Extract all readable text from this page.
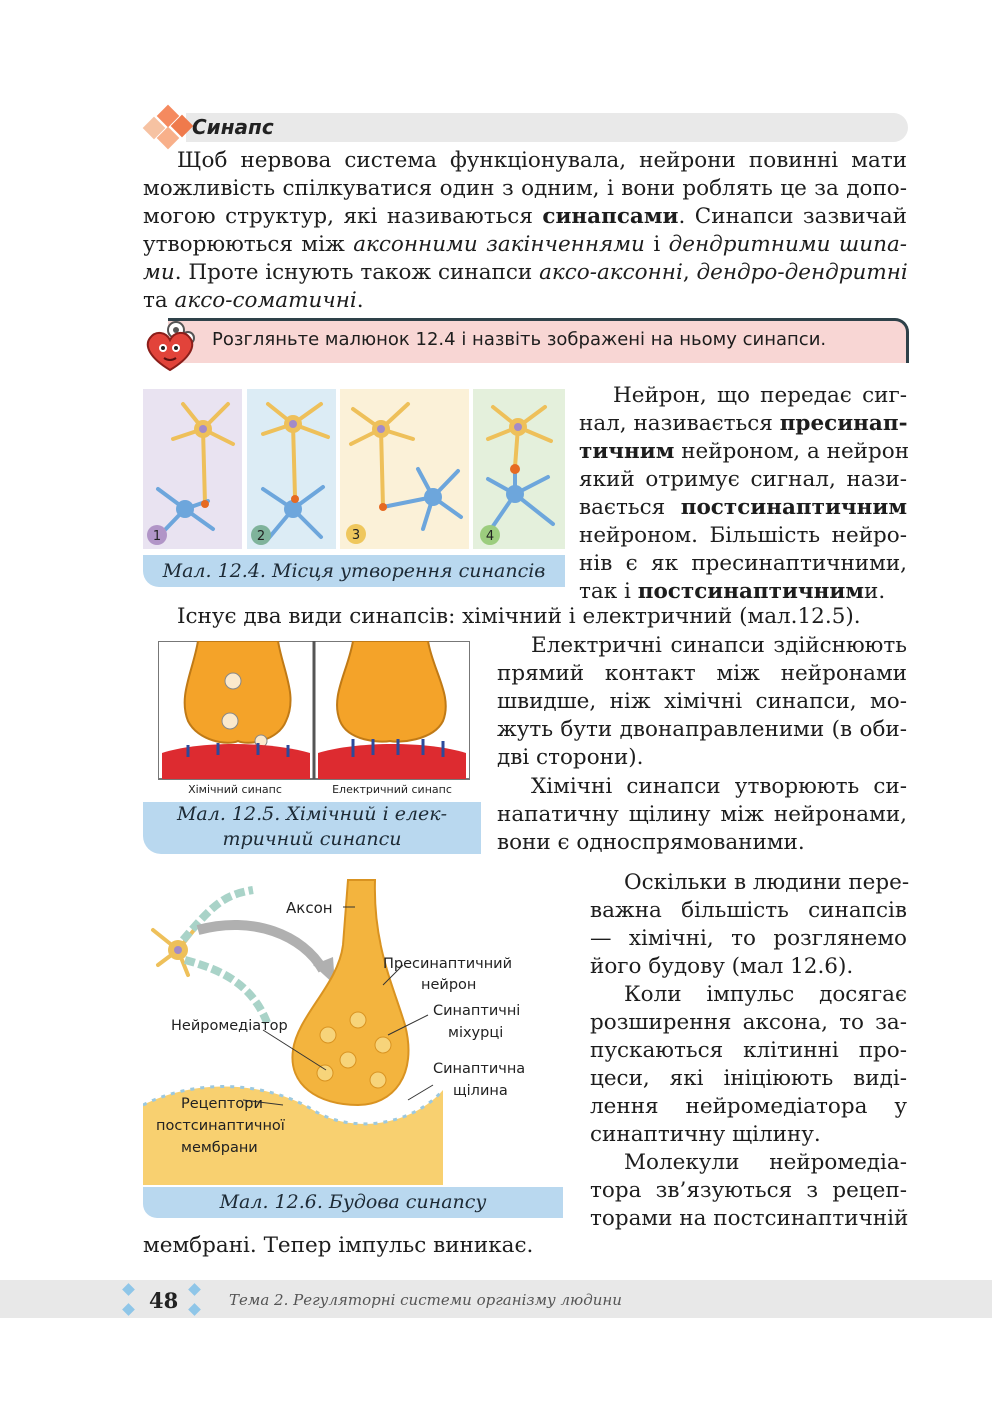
Синапс
Щоб нервова система функціонувала, нейрони повинні мати
можливість спілкуватися один з одним, і вони роблять це за допо-
могою структур, які називаються синапсами. Синапси зазвичай
утворюються між аксонними закінченнями і дендритними шипа-
ми. Проте існують також синапси аксо-аксонні, дендро-дендритні
та аксо-соматичні.
Розгляньте малюнок 12.4 і назвіть зображені на ньому синапси.
1	2	3	4
Мал. 12.4. Місця утворення синапсів
Нейрон, що передає сиг-
нал, називається пресинап-
тичним нейроном, а нейрон
який отримує сигнал, нази-
вається постсинаптичним
нейроном. Більшість нейро-
нів є як пресинаптичними,
так і постсинаптичними.
Існує два види синапсів: хімічний і електричний (мал.12.5).
Хімічний синапс	Електричний синапс
Мал. 12.5. Хімічний і елек-
тричний синапси
Електричні синапси здійснюють
прямий контакт між нейронами
швидше, ніж хімічні синапси, мо-
жуть бути двонаправленими (в оби-
дві сторони).
Хімічні синапси утворюють си-
напатичну щілину між нейронами,
вони є односпрямованими.
Аксон
Пресинаптичний
нейрон
Синаптичні
міхурці
Синаптична
щілина
Нейромедіатор
Рецептори
постсинаптичної
мембрани
Мал. 12.6. Будова синапсу
Оскільки в людини пере-
важна більшість синапсів
— хімічні, то розглянемо
його будову (мал 12.6).
Коли імпульс досягає
розширення аксона, то за-
пускаються клітинні про-
цеси, які ініціюють виді-
лення нейромедіатора у
синаптичну щілину.
Молекули нейромедіа-
тора зв’язуються з рецеп-
торами на постсинаптичній
мембрані. Тепер імпульс виникає.
48	Тема 2. Регуляторні системи організму людини
